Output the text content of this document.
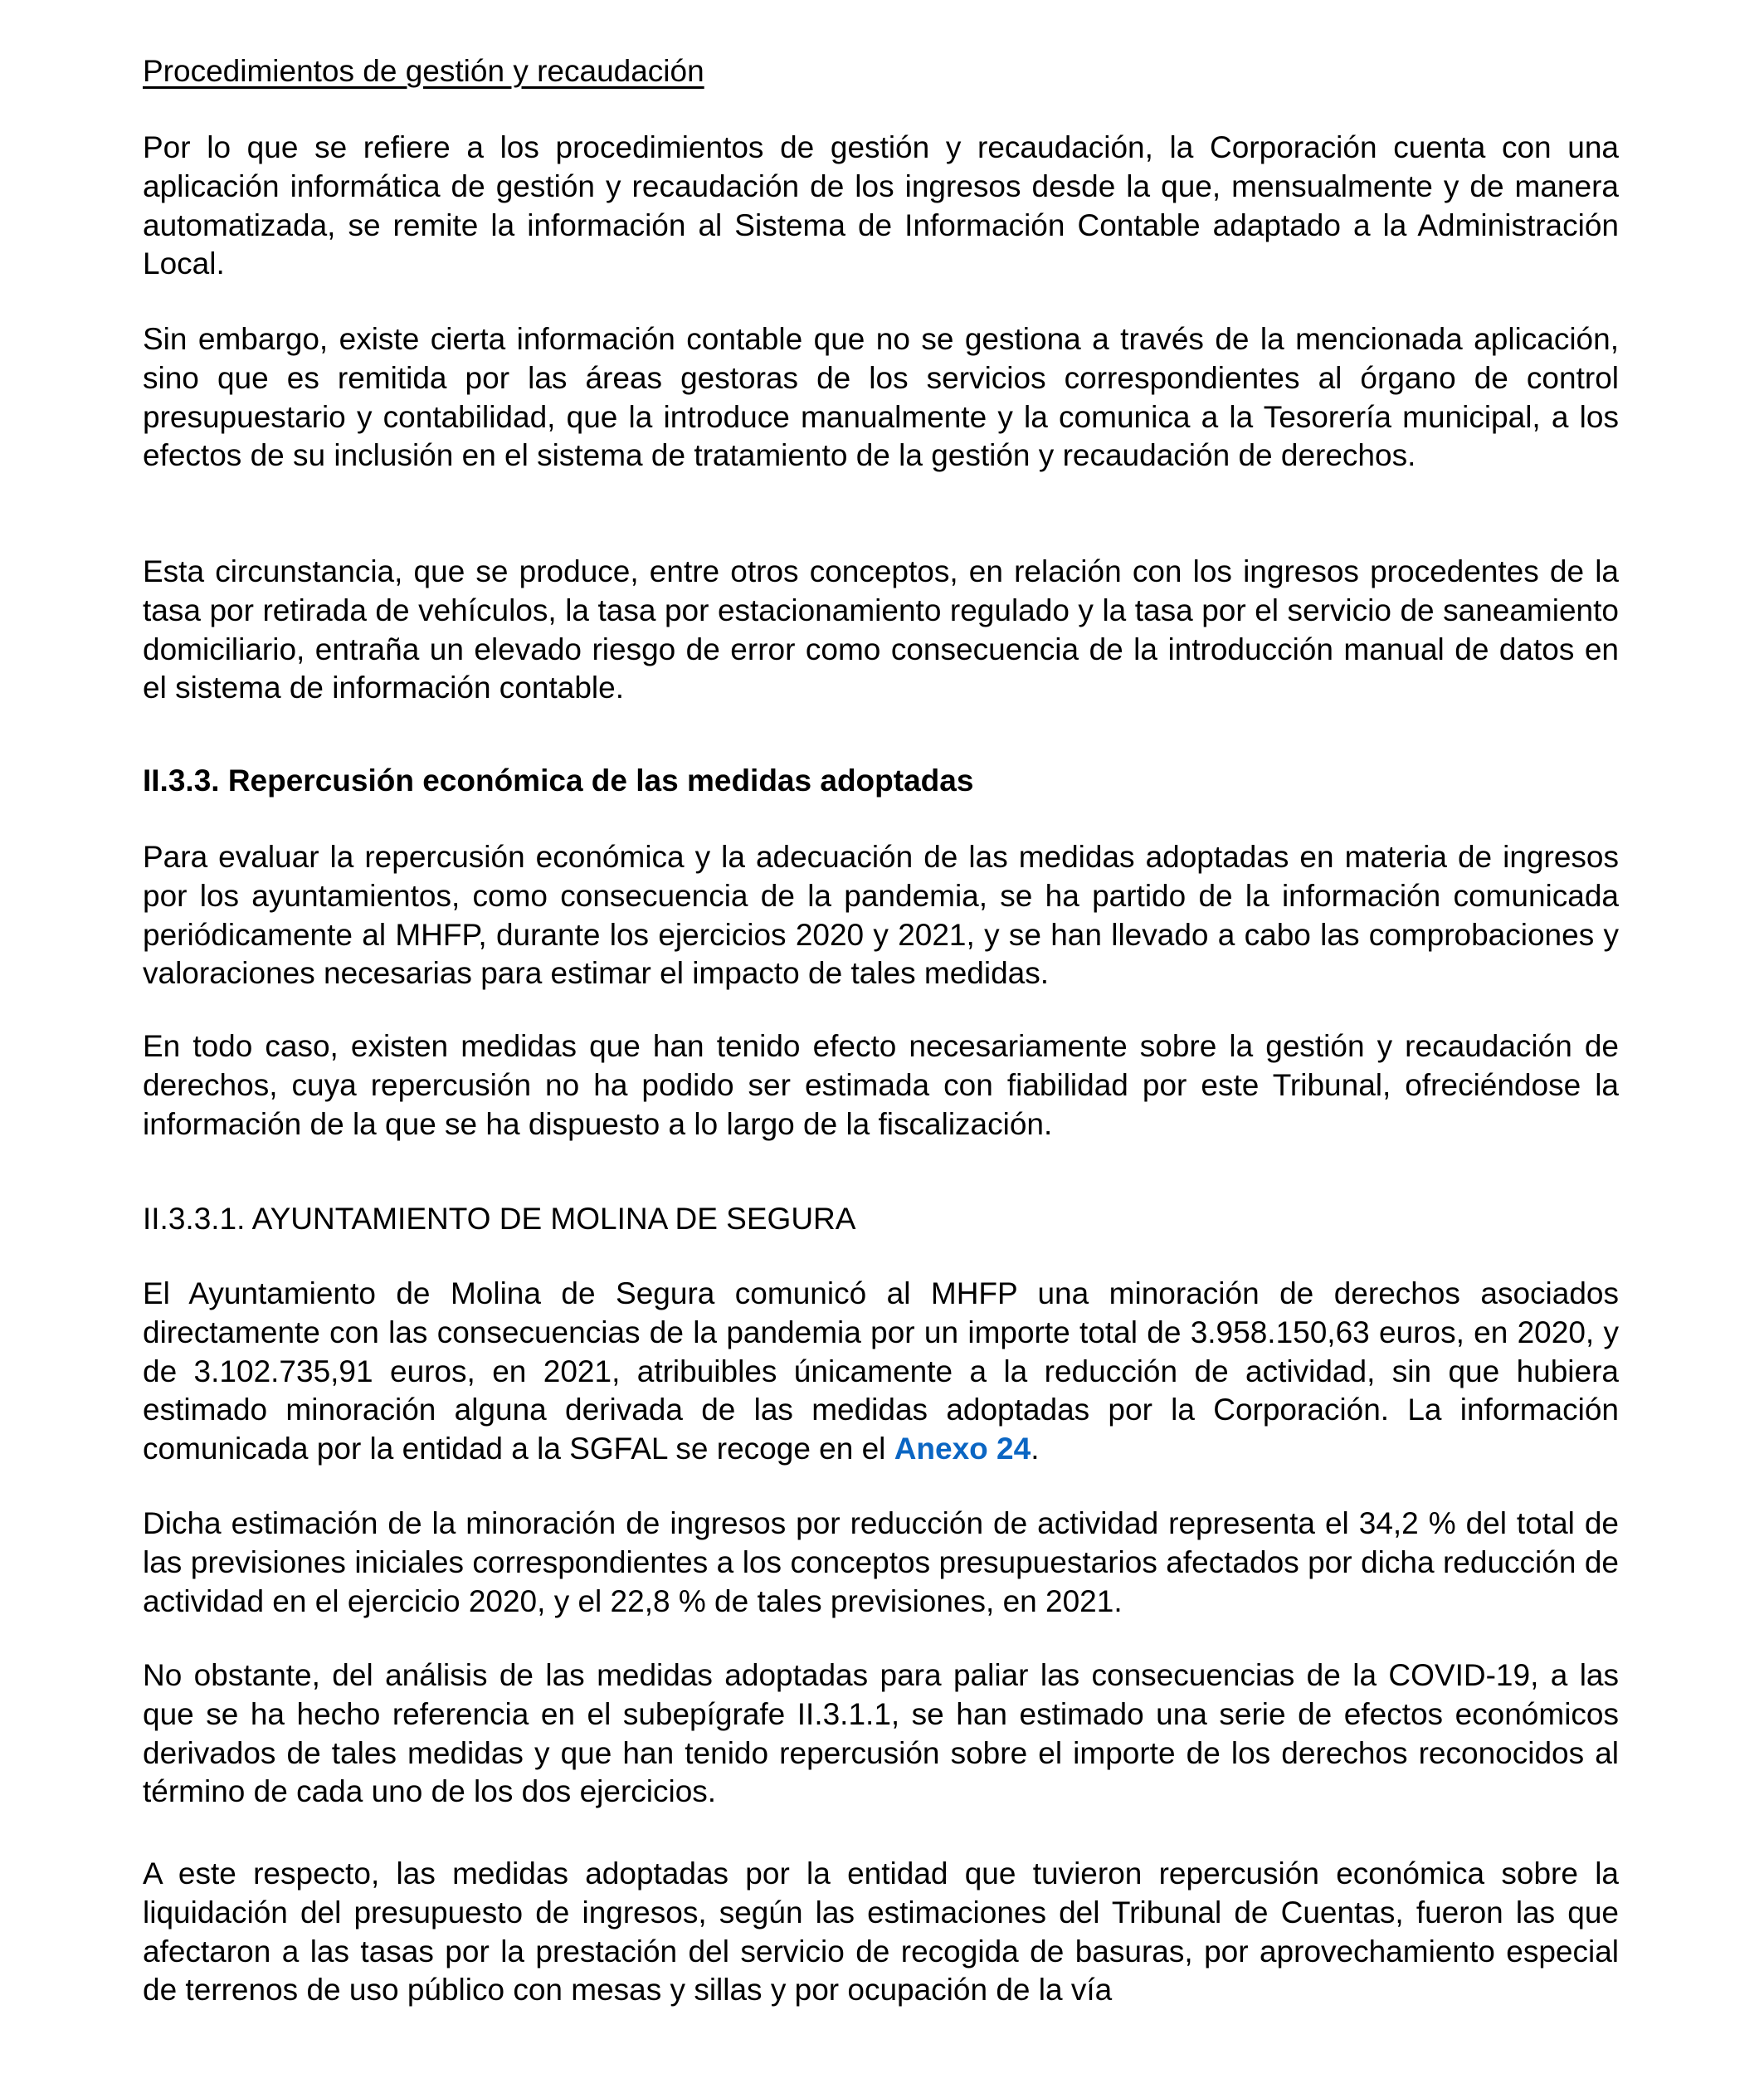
Procedimientos de gestión y recaudación

Por lo que se refiere a los procedimientos de gestión y recaudación, la Corporación cuenta con una aplicación informática de gestión y recaudación de los ingresos desde la que, mensualmente y de manera automatizada, se remite la información al Sistema de Información Contable adaptado a la Administración Local.

Sin embargo, existe cierta información contable que no se gestiona a través de la mencionada aplicación, sino que es remitida por las áreas gestoras de los servicios correspondientes al órgano de control presupuestario y contabilidad, que la introduce manualmente y la comunica a la Tesorería municipal, a los efectos de su inclusión en el sistema de tratamiento de la gestión y recaudación de derechos.

Esta circunstancia, que se produce, entre otros conceptos, en relación con los ingresos procedentes de la tasa por retirada de vehículos, la tasa por estacionamiento regulado y la tasa por el servicio de saneamiento domiciliario, entraña un elevado riesgo de error como consecuencia de la introducción manual de datos en el sistema de información contable.

II.3.3. Repercusión económica de las medidas adoptadas

Para evaluar la repercusión económica y la adecuación de las medidas adoptadas en materia de ingresos por los ayuntamientos, como consecuencia de la pandemia, se ha partido de la información comunicada periódicamente al MHFP, durante los ejercicios 2020 y 2021, y se han llevado a cabo las comprobaciones y valoraciones necesarias para estimar el impacto de tales medidas.

En todo caso, existen medidas que han tenido efecto necesariamente sobre la gestión y recaudación de derechos, cuya repercusión no ha podido ser estimada con fiabilidad por este Tribunal, ofreciéndose la información de la que se ha dispuesto a lo largo de la fiscalización.

II.3.3.1. AYUNTAMIENTO DE MOLINA DE SEGURA

El Ayuntamiento de Molina de Segura comunicó al MHFP una minoración de derechos asociados directamente con las consecuencias de la pandemia por un importe total de 3.958.150,63 euros, en 2020, y de 3.102.735,91 euros, en 2021, atribuibles únicamente a la reducción de actividad, sin que hubiera estimado minoración alguna derivada de las medidas adoptadas por la Corporación. La información comunicada por la entidad a la SGFAL se recoge en el Anexo 24.

Dicha estimación de la minoración de ingresos por reducción de actividad representa el 34,2 % del total de las previsiones iniciales correspondientes a los conceptos presupuestarios afectados por dicha reducción de actividad en el ejercicio 2020, y el 22,8 % de tales previsiones, en 2021.

No obstante, del análisis de las medidas adoptadas para paliar las consecuencias de la COVID-19, a las que se ha hecho referencia en el subepígrafe II.3.1.1, se han estimado una serie de efectos económicos derivados de tales medidas y que han tenido repercusión sobre el importe de los derechos reconocidos al término de cada uno de los dos ejercicios.

A este respecto, las medidas adoptadas por la entidad que tuvieron repercusión económica sobre la liquidación del presupuesto de ingresos, según las estimaciones del Tribunal de Cuentas, fueron las que afectaron a las tasas por la prestación del servicio de recogida de basuras, por aprovechamiento especial de terrenos de uso público con mesas y sillas y por ocupación de la vía
